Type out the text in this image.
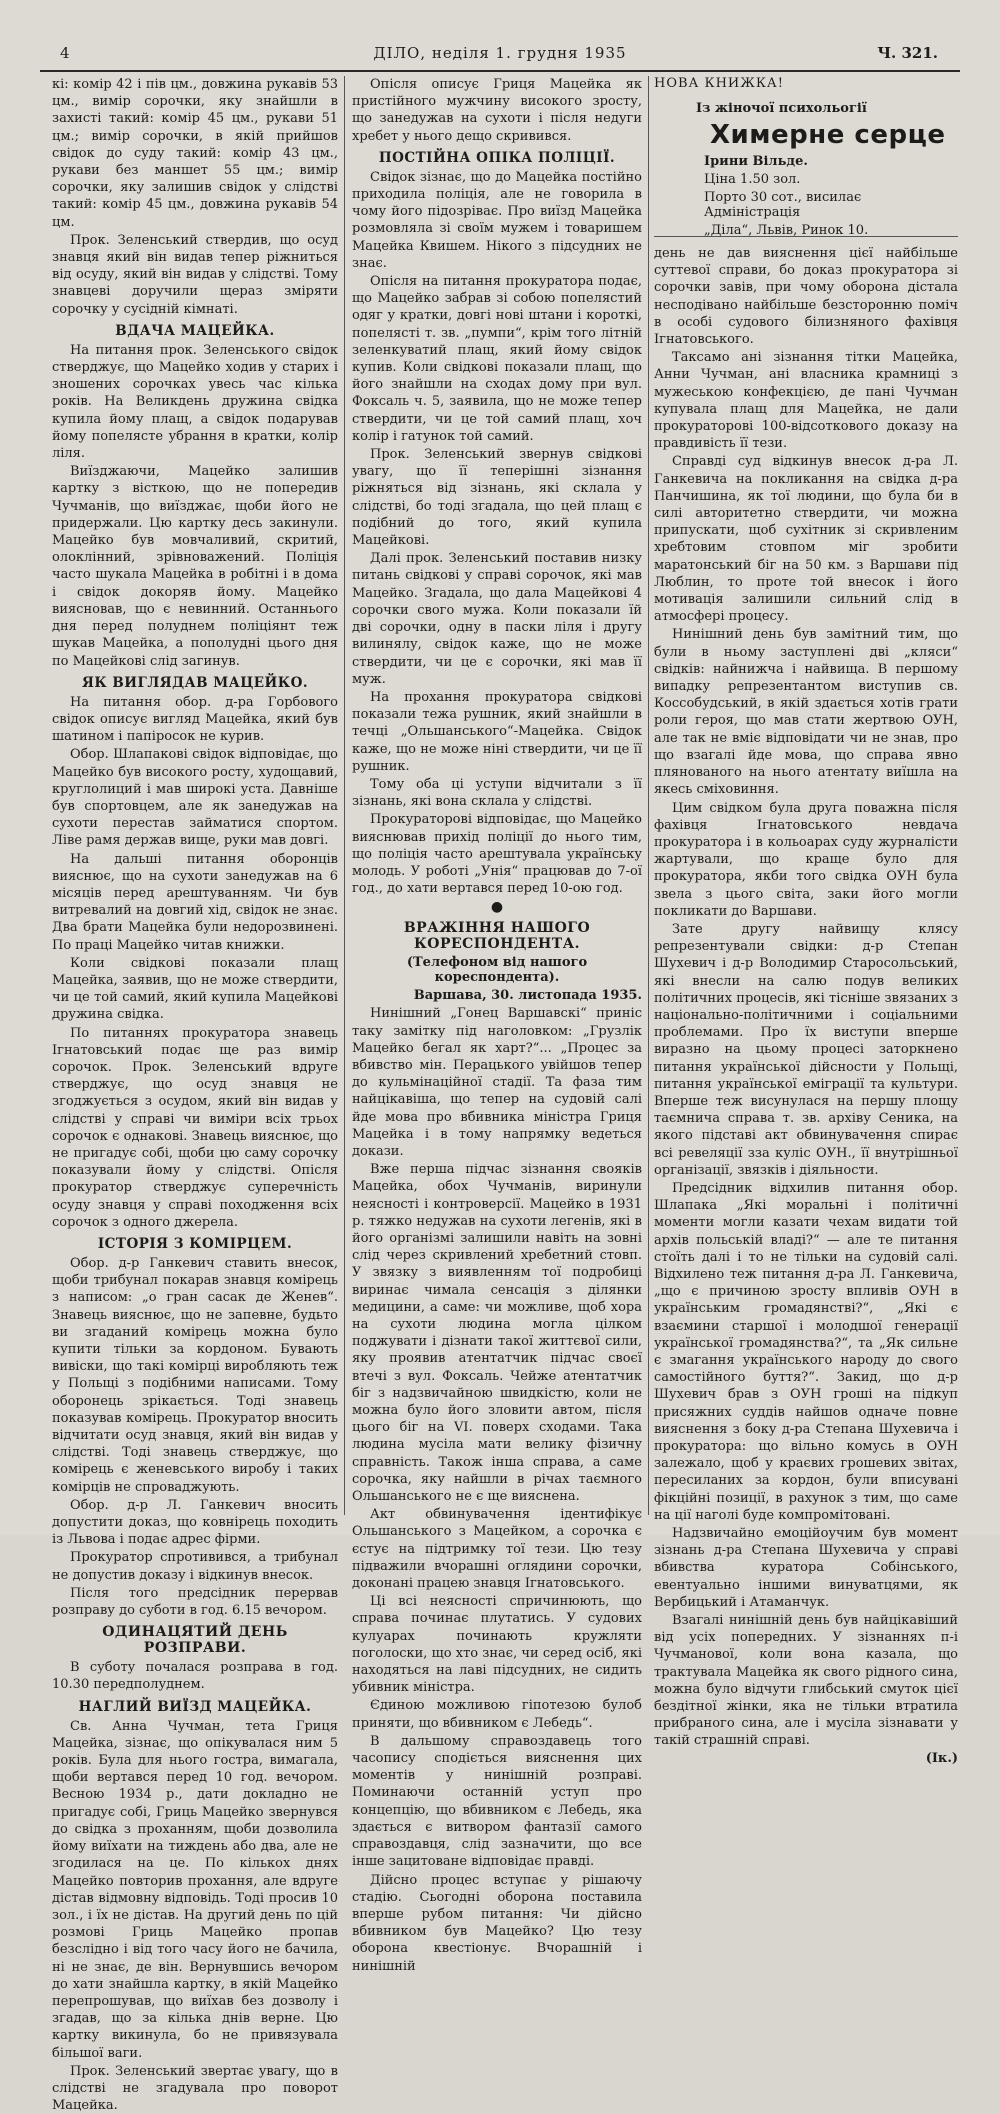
4	ДІЛО, неділя 1. грудня 1935	Ч. 321.

кі: комір 42 і пів цм., довжина рукавів 53 цм., вимір сорочки, яку знайшли в захисті такий: комір 45 цм., рукави 51 цм.; вимір сорочки, в якій прийшов свідок до суду такий: комір 43 цм., рукави без маншет 55 цм.; вимір сорочки, яку залишив свідок у слідстві такий: комір 45 цм., довжина рукавів 54 цм.

Прок. Зеленський ствердив, що осуд знавця який він видав тепер ріжниться від осуду, який він видав у слідстві. Тому знавцеві доручили щераз зміряти сорочку у сусідній кімнаті.

ВДАЧА МАЦЕЙКА.

На питання прок. Зеленського свідок стверджує, що Мацейко ходив у старих і зношених сорочках увесь час кілька років. На Великдень дружина свідка купила йому плащ, а свідок подарував йому попелясте убрання в кратки, колір ліля.

Виїзджаючи, Мацейко залишив картку з вісткою, що не попередив Чучманів, що виїзджає, щоби його не придержали. Цю картку десь закинули. Мацейко був мовчаливий, скритий, олоклінний, зрівноважений. Поліція часто шукала Мацейка в робітні і в дома і свідок докоряв йому. Мацейко виясновав, що є невинний. Останнього дня перед полуднем поліціянт теж шукав Мацейка, а пополудні цього дня по Мацейкові слід загинув.

ЯК ВИГЛЯДАВ МАЦЕЙКО.

На питання обор. д-ра Горбового свідок описує вигляд Мацейка, який був шатином і папіросок не курив.

Обор. Шлапакові свідок відповідає, що Мацейко був високого росту, худощавий, круглолиций і мав широкі уста. Давніше був спортовцем, але як занедужав на сухоти перестав займатися спортом. Ліве рамя держав вище, руки мав довгі.

На дальші питання оборонців вияснює, що на сухоти занедужав на 6 місяців перед арештуванням. Чи був витревалий на довгий хід, свідок не знає. Два брати Мацейка були недорозвинені. По праці Мацейко читав книжки.

Коли свідкові показали плащ Мацейка, заявив, що не може ствердити, чи це той самий, який купила Мацейкові дружина свідка.

По питаннях прокуратора знавець Ігнатовський подає ще раз вимір сорочок. Прок. Зеленський вдруге стверджує, що осуд знавця не згоджується з осудом, який він видав у слідстві у справі чи виміри всіх трьох сорочок є однакові. Знавець вияснює, що не пригадує собі, щоби цю саму сорочку показували йому у слідстві. Опісля прокуратор стверджує суперечність осуду знавця у справі походження всіх сорочок з одного джерела.

ІСТОРІЯ З КОМІРЦЕМ.

Обор. д-р Ганкевич ставить внесок, щоби трибунал покарав знавця комірець з написом: „о гран сасак де Женев“. Знавець вияснює, що не запевне, будьто ви згаданий комірець можна було купити тільки за кордоном. Бувають вивіски, що такі комірці виробляють теж у Польщі з подібними написами. Тому оборонець зрікається. Тоді знавець показував комірець. Прокуратор вносить відчитати осуд знавця, який він видав у слідстві. Тоді знавець стверджує, що комірець є женевського виробу і таких комірців не спроваджують.

Обор. д-р Л. Ганкевич вносить допустити доказ, що ковнірець походить із Львова і подає адрес фірми.

Прокуратор спротивився, а трибунал не допустив доказу і відкинув внесок.

Після того предсідник перервав розправу до суботи в год. 6.15 вечором.

ОДИНАЦЯТИЙ ДЕНЬ РОЗПРАВИ.

В суботу почалася розправа в год. 10.30 передполуднем.

НАГЛИЙ ВИЇЗД МАЦЕЙКА.

Св. Анна Чучман, тета Гриця Мацейка, зізнає, що опікувалася ним 5 років. Була для нього гостра, вимагала, щоби вертався перед 10 год. вечором. Весною 1934 р., дати докладно не пригадує собі, Гриць Мацейко звернувся до свідка з проханням, щоби дозволила йому виїхати на тиждень або два, але не згодилася на це. По кількох днях Мацейко повторив прохання, але вдруге дістав відмовну відповідь. Тоді просив 10 зол., і їх не дістав. На другий день по цій розмові Гриць Мацейко пропав безслідно і від того часу його не бачила, ні не знає, де він. Вернувшись вечором до хати знайшла картку, в якій Мацейко перепрошував, що виїхав без дозволу і згадав, що за кілька днів верне. Цю картку викинула, бо не привязувала більшої ваги.

Прок. Зеленський звертає увагу, що в слідстві не згадувала про поворот Мацейка.

Опісля описує Гриця Мацейка як пристійного мужчину високого зросту, що занедужав на сухоти і після недуги хребет у нього дещо скривився.

ПОСТІЙНА ОПІКА ПОЛІЦІЇ.

Свідок зізнає, що до Мацейка постійно приходила поліція, але не говорила в чому його підозріває. Про виїзд Мацейка розмовляла зі своїм мужем і товаришем Мацейка Квишем. Нікого з підсудних не знає.

Опісля на питання прокуратора подає, що Мацейко забрав зі собою попелястий одяг у кратки, довгі нові штани і короткі, попелясті т. зв. „пумпи“, крім того літній зеленкуватий плащ, який йому свідок купив. Коли свідкові показали плащ, що його знайшли на сходах дому при вул. Фоксаль ч. 5, заявила, що не може тепер ствердити, чи це той самий плащ, хоч колір і гатунок той самий.

Прок. Зеленський звернув свідкові увагу, що її теперішні зізнання ріжняться від зізнань, які склала у слідстві, бо тоді згадала, що цей плащ є подібний до того, який купила Мацейкові.

Далі прок. Зеленський поставив низку питань свідкові у справі сорочок, які мав Мацейко. Згадала, що дала Мацейкові 4 сорочки свого мужа. Коли показали їй дві сорочки, одну в паски ліля і другу вилинялу, свідок каже, що не може ствердити, чи це є сорочки, які мав її муж.

На прохання прокуратора свідкові показали тежа рушник, який знайшли в течці „Ольшанського“-Мацейка. Свідок каже, що не може ніні ствердити, чи це її рушник.

Тому оба ці уступи відчитали з її зізнань, які вона склала у слідстві.

Прокураторові відповідає, що Мацейко вияснював прихід поліції до нього тим, що поліція часто арештувала українську молодь. У роботі „Унія“ працював до 7-ої год., до хати вертався перед 10-ою год.

●
ВРАЖІННЯ НАШОГО КОРЕСПОНДЕНТА.
(Телефоном від нашого кореспондента).
Варшава, 30. листопада 1935.

Нинішний „Гонец Варшавскі“ приніс таку замітку під наголовком: „Грузлік Мацейко бегал як харт?“... „Процес за вбивство мін. Перацького увійшов тепер до кульмінаційної стадії. Та фаза тим найцікавіша, що тепер на судовій салі йде мова про вбивника міністра Гриця Мацейка і в тому напрямку ведеться докази.

Вже перша підчас зізнання свояків Мацейка, обох Чучманів, виринули неясності і контроверсії. Мацейко в 1931 р. тяжко недужав на сухоти легенів, які в його організмі залишили навіть на зовні слід через скривлений хребетний стовп. У звязку з виявленням тої подробиці виринає чимала сенсація з ділянки медицини, а саме: чи можливе, щоб хора на сухоти людина могла цілком поджувати і дізнати такої життєвої сили, яку проявив атентатчик підчас своєї втечі з вул. Фоксаль. Чейже атентатчик біг з надзвичайною швидкістю, коли не можна було його зловити автом, після цього біг на VI. поверх сходами. Така людина мусіла мати велику фізичну справність. Також інша справа, а саме сорочка, яку найшли в річах таємного Ольшанського не є ще вияснена.

Акт обвинувачення ідентифікує Ольшанського з Мацейком, а сорочка є єстує на підтримку тої тези. Цю тезу підважили вчорашні оглядини сорочки, доконані працею знавця Ігнатовського.

Ці всі неясності спричинюють, що справа починає плутатись. У судових кулуарах починають кружляти поголоски, що хто знає, чи серед осіб, які находяться на лаві підсудних, не сидить убивник міністра.

Єдиною можливою гіпотезою булоб приняти, що вбивником є Лебедь“.

В дальшому справоздавець того часопису сподіється вияснення цих моментів у нинішній розправі. Поминаючи останній уступ про концепцію, що вбивником є Лебедь, яка здається є витвором фантазії самого справоздавця, слід зазначити, що все інше зацитоване відповідає правді.

Дійсно процес вступає у рішаючу стадію. Сьогодні оборона поставила вперше рубом питання: Чи дійсно вбивником був Мацейко? Цю тезу оборона квестіонує. Вчорашній і нинішній

НОВА КНИЖКА!
Із жіночої психольогії
Химерне серце
Ірини Вільде.
Ціна 1.50 зол.
Порто 30 сот., висилає Адміністрація
„Діла“, Львів, Ринок 10.

день не дав вияснення цієї найбільше суттевої справи, бо доказ прокуратора зі сорочки завів, при чому оборона дістала несподівано найбільше безсторонню поміч в особі судового білизняного фахівця Ігнатовського.

Таксамо ані зізнання тітки Мацейка, Анни Чучман, ані власника крамниці з мужеською конфекцією, де пані Чучман купувала плащ для Мацейка, не дали прокураторові 100-відсоткового доказу на правдивість її тези.

Справді суд відкинув внесок д-ра Л. Ганкевича на покликання на свідка д-ра Панчишина, як тої людини, що була би в силі авторитетно ствердити, чи можна припускати, щоб сухітник зі скривленим хребтовим стовпом міг зробити маратонський біг на 50 км. з Варшави під Люблин, то проте той внесок і його мотивація залишили сильний слід в атмосфері процесу.

Нинішний день був замітний тим, що були в ньому заступлені дві „кляси“ свідків: найнижча і найвища. В першому випадку репрезентантом виступив св. Коссобудський, в якій здається хотів грати роли героя, що мав стати жертвою ОУН, але так не вміє відповідати чи не знав, про що взагалі йде мова, що справа явно плянованого на нього атентату виїшла на якесь сміховиння.

Цим свідком була друга поважна після фахівця Ігнатовського невдача прокуратора і в кольоарах суду журналісти жартували, що краще було для прокуратора, якби того свідка ОУН була звела з цього світа, заки його могли покликати до Варшави.

Зате другу найвищу клясу репрезентували свідки: д-р Степан Шухевич і д-р Володимир Старосольський, які внесли на салю подув великих політичних процесів, які тісніше звязаних з національно-політичними і соціальними проблемами. Про їх виступи вперше виразно на цьому процесі заторкнено питання української дійсности у Польщі, питання української еміграції та культури. Вперше теж висунулася на першу площу таємнича справа т. зв. архіву Сеника, на якого підставі акт обвинувачення спирає всі ревеляції зза куліс ОУН., її внутрішньої організації, звязків і діяльности.

Предсідник відхилив питання обор. Шлапака „Які моральні і політичні моменти могли казати чехам видати той архів польській владі?“ — але те питання стоїть далі і то не тільки на судовій салі. Відхилено теж питання д-ра Л. Ганкевича, „що є причиною зросту впливів ОУН в українським громадянстві?“, „Які є взаємини старшої і молодшої генерації української громадянства?“, та „Як сильне є змагання українського народу до свого самостійного буття?“. Закид, що д-р Шухевич брав з ОУН гроші на підкуп присяжних суддів найшов одначе повне вияснення з боку д-ра Степана Шухевича і прокуратора: що вільно комусь в ОУН залежало, щоб у краєвих грошевих звітах, пересиланих за кордон, були вписувані фікційні позиції, в рахунок з тим, що саме на ції наголі буде компромітовані.

Надзвичайно емоційоучим був момент зізнань д-ра Степана Шухевича у справі вбивства куратора Собінського, евентуально іншими винуватцями, як Вербицький і Атаманчук.

Взагалі нинішній день був найцікавіший від усіх попередних. У зізнаннях п-і Чучманової, коли вона казала, що трактувала Мацейка як свого рідного сина, можна було відчути глибський смуток цієї бездітної жінки, яка не тільки втратила прибраного сина, але і мусіла зізнавати у такій страшній справі.

(Ік.)
